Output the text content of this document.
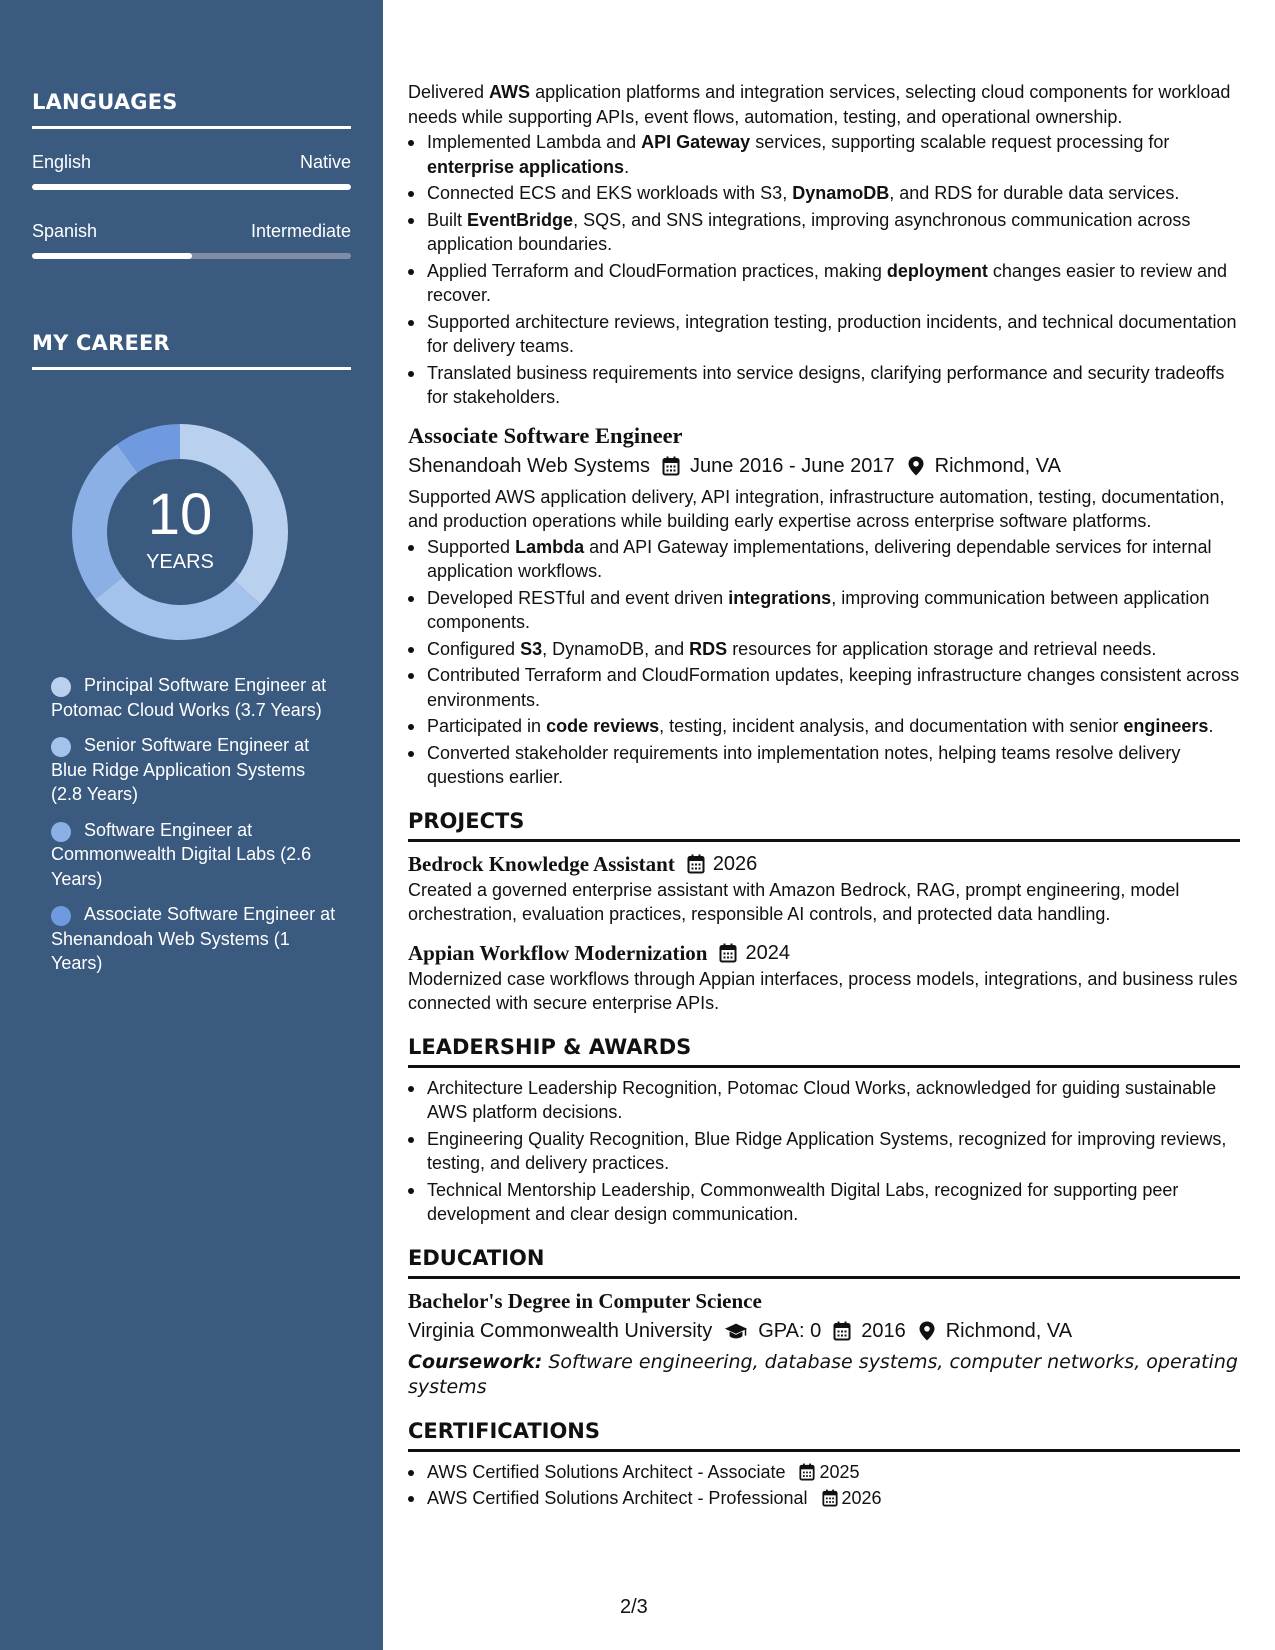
LANGUAGES
English	Native
Spanish	Intermediate
MY CAREER
10
YEARS
Principal Software Engineer at Potomac Cloud Works (3.7 Years)
Senior Software Engineer at Blue Ridge Application Systems (2.8 Years)
Software Engineer at Commonwealth Digital Labs (2.6 Years)
Associate Software Engineer at Shenandoah Web Systems (1 Years)

Delivered AWS application platforms and integration services, selecting cloud components for workload needs while supporting APIs, event flows, automation, testing, and operational ownership.

Implemented Lambda and API Gateway services, supporting scalable request processing for enterprise applications.
Connected ECS and EKS workloads with S3, DynamoDB, and RDS for durable data services.
Built EventBridge, SQS, and SNS integrations, improving asynchronous communication across application boundaries.
Applied Terraform and CloudFormation practices, making deployment changes easier to review and recover.
Supported architecture reviews, integration testing, production incidents, and technical documentation for delivery teams.
Translated business requirements into service designs, clarifying performance and security tradeoffs for stakeholders.
Associate Software Engineer
Shenandoah Web Systems June 2016 - June 2017 Richmond, VA

Supported AWS application delivery, API integration, infrastructure automation, testing, documentation, and production operations while building early expertise across enterprise software platforms.

Supported Lambda and API Gateway implementations, delivering dependable services for internal application workflows.
Developed RESTful and event driven integrations, improving communication between application components.
Configured S3, DynamoDB, and RDS resources for application storage and retrieval needs.
Contributed Terraform and CloudFormation updates, keeping infrastructure changes consistent across environments.
Participated in code reviews, testing, incident analysis, and documentation with senior engineers.
Converted stakeholder requirements into implementation notes, helping teams resolve delivery questions earlier.
PROJECTS
Bedrock Knowledge Assistant 2026

Created a governed enterprise assistant with Amazon Bedrock, RAG, prompt engineering, model orchestration, evaluation practices, responsible AI controls, and protected data handling.

Appian Workflow Modernization 2024

Modernized case workflows through Appian interfaces, process models, integrations, and business rules connected with secure enterprise APIs.

LEADERSHIP & AWARDS
Architecture Leadership Recognition, Potomac Cloud Works, acknowledged for guiding sustainable AWS platform decisions.
Engineering Quality Recognition, Blue Ridge Application Systems, recognized for improving reviews, testing, and delivery practices.
Technical Mentorship Leadership, Commonwealth Digital Labs, recognized for supporting peer development and clear design communication.
EDUCATION
Bachelor's Degree in Computer Science
Virginia Commonwealth University GPA: 0 2016 Richmond, VA

Coursework: Software engineering, database systems, computer networks, operating systems

CERTIFICATIONS
AWS Certified Solutions Architect - Associate 2025
AWS Certified Solutions Architect - Professional 2026
2/3
